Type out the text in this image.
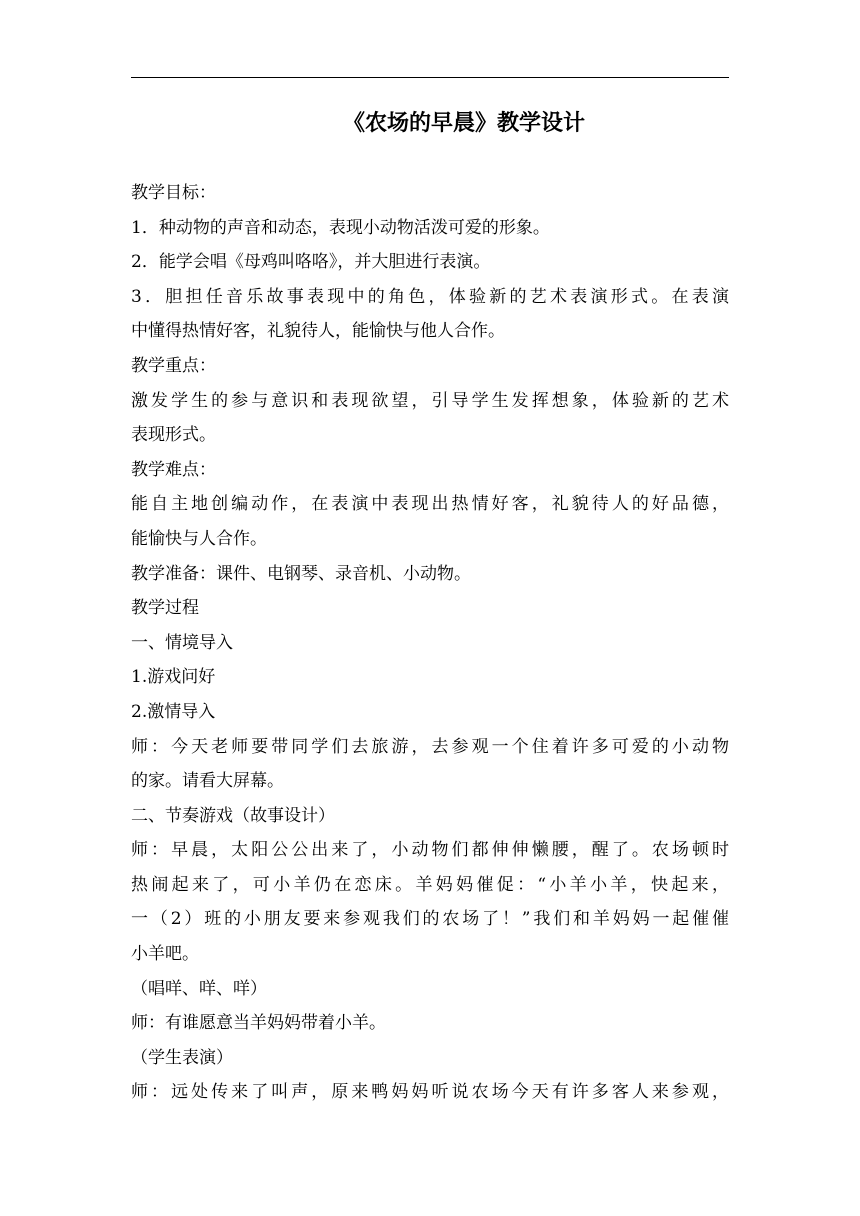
《农场的早晨》教学设计
教学目标：
1．种动物的声音和动态，表现小动物活泼可爱的形象。
2．能学会唱《母鸡叫咯咯》，并大胆进行表演。
3．胆担任音乐故事表现中的角色，体验新的艺术表演形式。在表演
中懂得热情好客，礼貌待人，能愉快与他人合作。
教学重点：
激发学生的参与意识和表现欲望，引导学生发挥想象，体验新的艺术
表现形式。
教学难点：
能自主地创编动作，在表演中表现出热情好客，礼貌待人的好品德，
能愉快与人合作。
教学准备：课件、电钢琴、录音机、小动物。
教学过程
一、情境导入
1.游戏问好
2.激情导入
师：今天老师要带同学们去旅游，去参观一个住着许多可爱的小动物
的家。请看大屏幕。
二、节奏游戏（故事设计）
师：早晨，太阳公公出来了，小动物们都伸伸懒腰，醒了。农场顿时
热闹起来了，可小羊仍在恋床。羊妈妈催促：“小羊小羊，快起来，
一（2）班的小朋友要来参观我们的农场了！”我们和羊妈妈一起催催
小羊吧。
（唱咩、咩、咩）
师：有谁愿意当羊妈妈带着小羊。
（学生表演）
师：远处传来了叫声，原来鸭妈妈听说农场今天有许多客人来参观，
